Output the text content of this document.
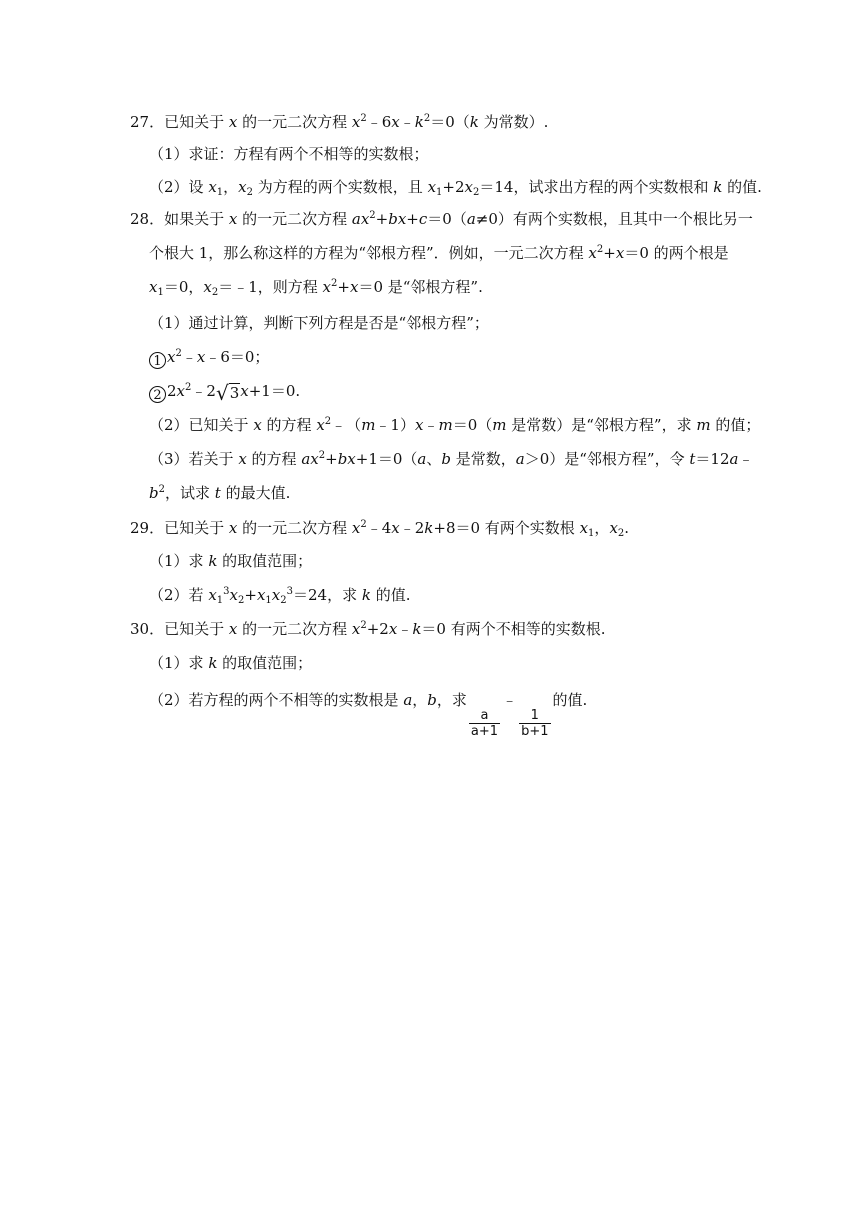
27．已知关于 x 的一元二次方程 $x^2﹣6x﹣k^2=0(k$ 为常数）.
（1）求证：方程有两个不相等的实数根；
（2）设 $x_1$，$x_2$ 为方程的两个实数根，且 $x_1+2x_2=14$，试求出方程的两个实数根和 k 的值.
28．如果关于 x 的一元二次方程 $ax^2+bx+c=0(a\ne 0)$有两个实数根，且其中一个根比另一
个根大 1，那么称这样的方程为“邻根方程”．例如，一元二次方程 $x^2+x=0$ 的两个根是
$x_1=0$，$x_2=﹣1$，则方程 $x^2+x=0$ 是“邻根方程”.
（1）通过计算，判断下列方程是否是“邻根方程”；
1 $x^2﹣x﹣6=0$；
2 $2x^2﹣2√3x+1=0$.
（2）已知关于 x 的方程 $x^2﹣(m﹣1)x﹣m=0(m$ 是常数）是“邻根方程”，求 m 的值；
（3）若关于 x 的方程 $ax^2+bx+1=0(a$、b 是常数，a＞0）是“邻根方程”，令 t＝12a﹣
$b^2$，试求 t 的最大值.
29．已知关于 x 的一元二次方程 $x^2﹣4x﹣2k+8=0$ 有两个实数根 $x_1$，$x_2$.
（1）求 k 的取值范围；
（2）若 $x_1^3x_2+x_1x_2^3=24$，求 k 的值.
30．已知关于 x 的一元二次方程 $x^2+2x﹣k=0$ 有两个不相等的实数根.
（1）求 k 的取值范围；
（2）若方程的两个不相等的实数根是 a，b，求
$\frac{a}{a+1}$
﹣
$\frac{1}{b+1}$
的值.
